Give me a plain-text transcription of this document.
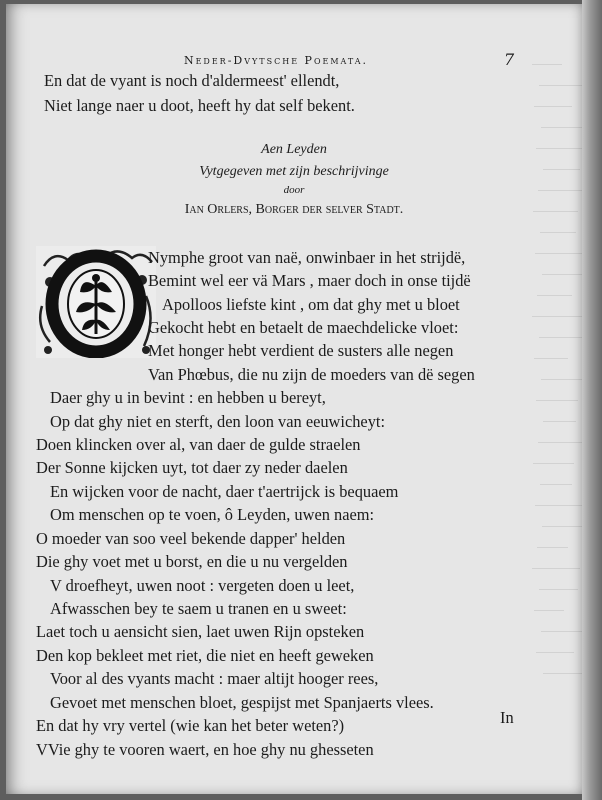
Neder-Dvytsche Poemata.	7
En dat de vyant is noch d'aldermeest' ellendt,
Niet lange naer u doot, heeft hy dat self bekent.
Aen Leyden
Vytgegeven met zijn beschrijvinge
door
Ian Orlers, Borger der selver Stadt.
Nymphe groot van naë, onwinbaer in het strijdë,
Bemint wel eer vä Mars , maer doch in onse tijdë
Apolloos liefste kint , om dat ghy met u bloet
Gekocht hebt en betaelt de maechdelicke vloet:
Met honger hebt verdient de susters alle negen
Van Phœbus, die nu zijn de moeders van dë segen
Daer ghy u in bevint : en hebben u bereyt,
Op dat ghy niet en sterft, den loon van eeuwicheyt:
Doen klincken over al, van daer de gulde straelen
Der Sonne kijcken uyt, tot daer zy neder daelen
En wijcken voor de nacht, daer t'aertrijck is bequaem
Om menschen op te voen, ô Leyden, uwen naem:
O moeder van soo veel bekende dapper' helden
Die ghy voet met u borst, en die u nu vergelden
V droefheyt, uwen noot : vergeten doen u leet,
Afwasschen bey te saem u tranen en u sweet:
Laet toch u aensicht sien, laet uwen Rijn opsteken
Den kop bekleet met riet, die niet en heeft geweken
Voor al des vyants macht : maer altijt hooger rees,
Gevoet met menschen bloet, gespijst met Spanjaerts vlees.
En dat hy vry vertel (wie kan het beter weten?)
VVie ghy te vooren waert, en hoe ghy nu ghesseten
In
